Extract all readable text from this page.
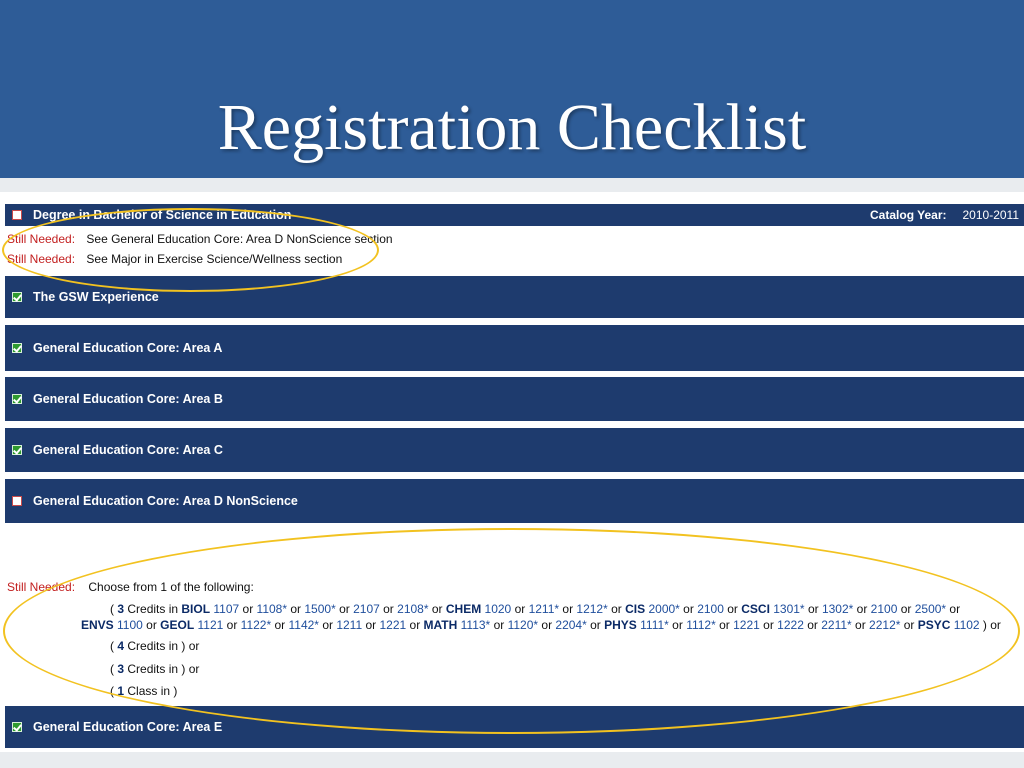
Registration Checklist
Degree in Bachelor of Science in Education	Catalog Year: 2010-2011
Still Needed: See General Education Core: Area D NonScience section
Still Needed: See Major in Exercise Science/Wellness section
The GSW Experience
General Education Core: Area A
General Education Core: Area B
General Education Core: Area C
General Education Core: Area D NonScience
Still Needed: Choose from 1 of the following:
( 3 Credits in BIOL 1107 or 1108* or 1500* or 2107 or 2108* or CHEM 1020 or 1211* or 1212* or CIS 2000* or 2100 or CSCI 1301* or 1302* or 2100 or 2500* or
ENVS 1100 or GEOL 1121 or 1122* or 1142* or 1211 or 1221 or MATH 1113* or 1120* or 2204* or PHYS 1111* or 1112* or 1221 or 1222 or 2211* or 2212* or PSYC 1102 ) or
( 4 Credits in ) or
( 3 Credits in ) or
( 1 Class in )
General Education Core: Area E
